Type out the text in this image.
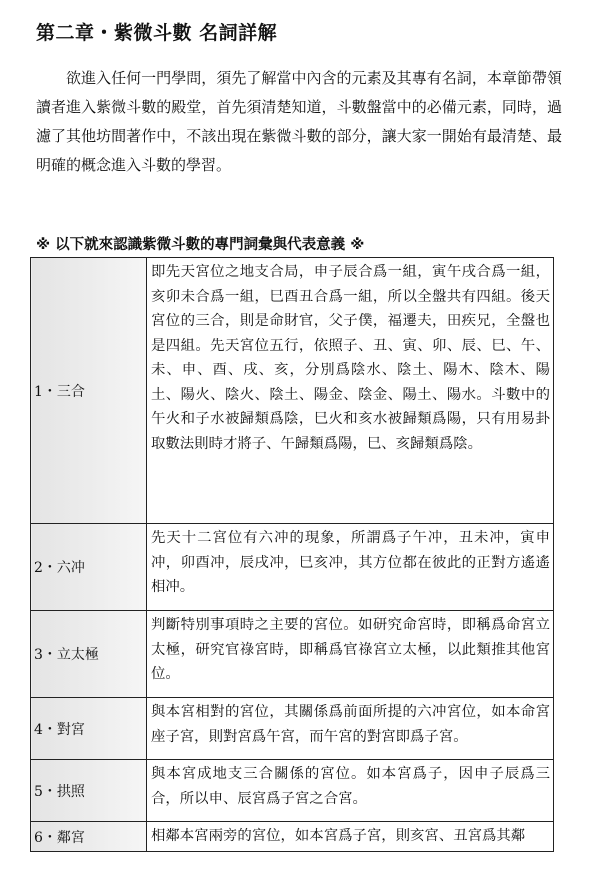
第二章・紫微斗數 名詞詳解

欲進入任何一門學問，須先了解當中內含的元素及其專有名詞，本章節帶領讀者進入紫微斗數的殿堂，首先須清楚知道，斗數盤當中的必備元素，同時，過濾了其他坊間著作中，不該出現在紫微斗數的部分，讓大家一開始有最清楚、最明確的概念進入斗數的學習。

※ 以下就來認識紫微斗數的專門詞彙與代表意義 ※
1・三合	即先天宮位之地支合局，申子辰合爲一組，寅午戌合爲一組，亥卯未合爲一組，巳酉丑合爲一組，所以全盤共有四組。後天宮位的三合，則是命財官，父子僕，福遷夫，田疾兄，全盤也是四組。先天宮位五行，依照子、丑、寅、卯、辰、巳、午、未、申、酉、戌、亥，分別爲陰水、陰土、陽木、陰木、陽土、陽火、陰火、陰土、陽金、陰金、陽土、陽水。斗數中的午火和子水被歸類爲陰，巳火和亥水被歸類爲陽，只有用易卦取數法則時才將子、午歸類爲陽，巳、亥歸類爲陰。
2・六冲	先天十二宮位有六冲的現象，所謂爲子午冲，丑未冲，寅申冲，卯酉冲，辰戌冲，巳亥冲，其方位都在彼此的正對方遙遙相冲。
3・立太極	判斷特別事項時之主要的宮位。如研究命宮時，即稱爲命宮立太極，研究官祿宮時，即稱爲官祿宮立太極，以此類推其他宮位。
4・對宮	與本宮相對的宮位，其關係爲前面所提的六冲宮位，如本命宮座子宮，則對宮爲午宮，而午宮的對宮即爲子宮。
5・拱照	與本宮成地支三合關係的宮位。如本宮爲子，因申子辰爲三合，所以申、辰宮爲子宮之合宮。
6・鄰宮	相鄰本宮兩旁的宮位，如本宮爲子宮，則亥宮、丑宮爲其鄰
